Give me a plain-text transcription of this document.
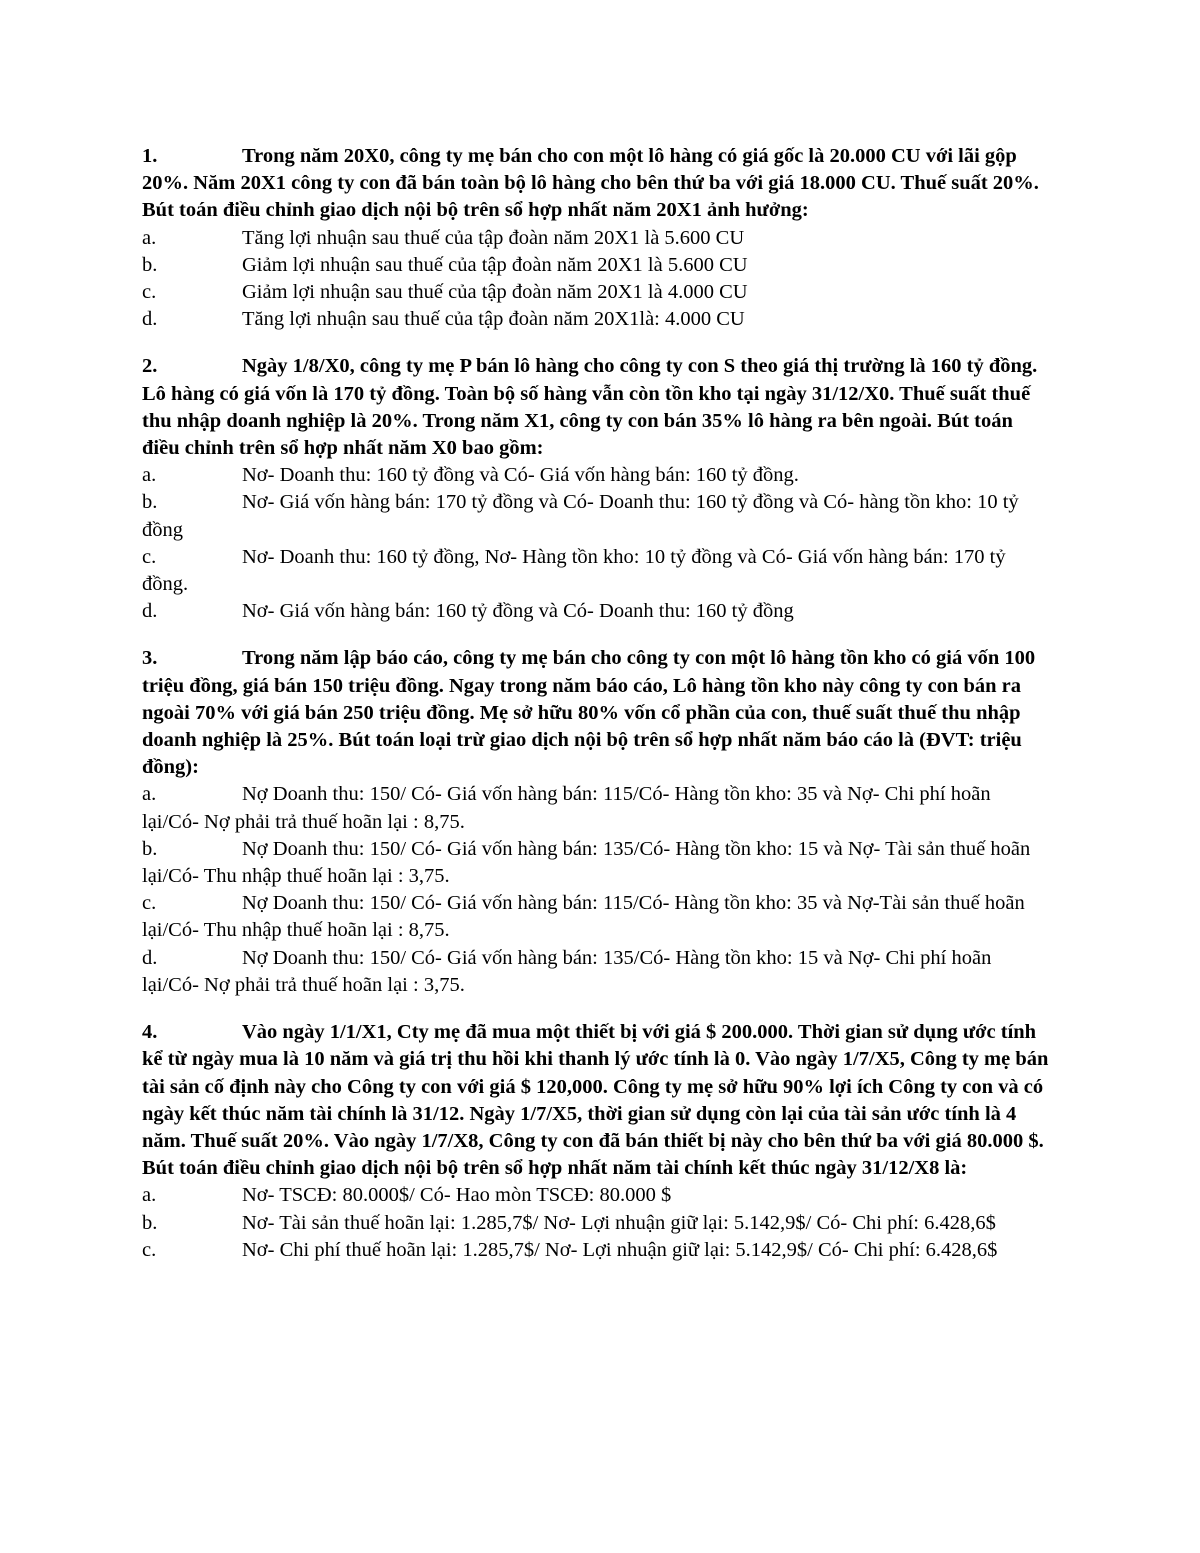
1.	Trong năm 20X0, công ty mẹ bán cho con một lô hàng có giá gốc là 20.000 CU với lãi gộp 20%. Năm 20X1 công ty con đã bán toàn bộ lô hàng cho bên thứ ba với giá 18.000 CU. Thuế suất 20%. Bút toán điều chỉnh giao dịch nội bộ trên sổ hợp nhất năm 20X1 ảnh hưởng:

a.	Tăng lợi nhuận sau thuế của tập đoàn năm 20X1 là 5.600 CU

b.	Giảm lợi nhuận sau thuế của tập đoàn năm 20X1 là 5.600 CU

c.	Giảm lợi nhuận sau thuế của tập đoàn năm 20X1 là 4.000 CU

d.	Tăng lợi nhuận sau thuế của tập đoàn năm 20X1là: 4.000 CU

2.	Ngày 1/8/X0, công ty mẹ P bán lô hàng cho công ty con S theo giá thị trường là 160 tỷ đồng. Lô hàng có giá vốn là 170 tỷ đồng. Toàn bộ số hàng vẫn còn tồn kho tại ngày 31/12/X0. Thuế suất thuế thu nhập doanh nghiệp là 20%. Trong năm X1, công ty con bán 35% lô hàng ra bên ngoài. Bút toán điều chỉnh trên sổ hợp nhất năm X0 bao gồm:

a.	Nơ- Doanh thu: 160 tỷ đồng và Có- Giá vốn hàng bán: 160 tỷ đồng.

b.	Nơ- Giá vốn hàng bán: 170 tỷ đồng và Có- Doanh thu: 160 tỷ đồng và Có- hàng tồn kho: 10 tỷ đồng

c.	Nơ- Doanh thu: 160 tỷ đồng, Nơ- Hàng tồn kho: 10 tỷ đồng và Có- Giá vốn hàng bán: 170 tỷ đồng.

d.	Nơ- Giá vốn hàng bán: 160 tỷ đồng và Có- Doanh thu: 160 tỷ đồng

3.	Trong năm lập báo cáo, công ty mẹ bán cho công ty con một lô hàng tồn kho có giá vốn 100 triệu đồng, giá bán 150 triệu đồng. Ngay trong năm báo cáo, Lô hàng tồn kho này công ty con bán ra ngoài 70% với giá bán 250 triệu đồng. Mẹ sở hữu 80% vốn cổ phần của con, thuế suất thuế thu nhập doanh nghiệp là 25%. Bút toán loại trừ giao dịch nội bộ trên sổ hợp nhất năm báo cáo là (ĐVT: triệu đồng):

a.	Nợ Doanh thu: 150/ Có- Giá vốn hàng bán: 115/Có- Hàng tồn kho: 35 và Nợ- Chi phí hoãn lại/Có- Nợ phải trả thuế hoãn lại : 8,75.

b.	Nợ Doanh thu: 150/ Có- Giá vốn hàng bán: 135/Có- Hàng tồn kho: 15 và Nợ- Tài sản thuế hoãn lại/Có- Thu nhập thuế hoãn lại : 3,75.

c.	Nợ Doanh thu: 150/ Có- Giá vốn hàng bán: 115/Có- Hàng tồn kho: 35 và Nợ-Tài sản thuế hoãn lại/Có- Thu nhập thuế hoãn lại : 8,75.

d.	Nợ Doanh thu: 150/ Có- Giá vốn hàng bán: 135/Có- Hàng tồn kho: 15 và Nợ- Chi phí hoãn lại/Có- Nợ phải trả thuế hoãn lại : 3,75.

4.	Vào ngày 1/1/X1, Cty mẹ đã mua một thiết bị với giá $ 200.000. Thời gian sử dụng ước tính kể từ ngày mua là 10 năm và giá trị thu hồi khi thanh lý ước tính là 0. Vào ngày 1/7/X5, Công ty mẹ bán tài sản cố định này cho Công ty con với giá $ 120,000. Công ty mẹ sở hữu 90% lợi ích Công ty con và có ngày kết thúc năm tài chính là 31/12. Ngày 1/7/X5, thời gian sử dụng còn lại của tài sản ước tính là 4 năm. Thuế suất 20%. Vào ngày 1/7/X8, Công ty con đã bán thiết bị này cho bên thứ ba với giá 80.000 $. Bút toán điều chỉnh giao dịch nội bộ trên sổ hợp nhất năm tài chính kết thúc ngày 31/12/X8 là:

a.	Nơ- TSCĐ: 80.000$/ Có- Hao mòn TSCĐ: 80.000 $

b.	Nơ- Tài sản thuế hoãn lại: 1.285,7$/ Nơ- Lợi nhuận giữ lại: 5.142,9$/ Có- Chi phí: 6.428,6$

c.	Nơ- Chi phí thuế hoãn lại: 1.285,7$/ Nơ- Lợi nhuận giữ lại: 5.142,9$/ Có- Chi phí: 6.428,6$
